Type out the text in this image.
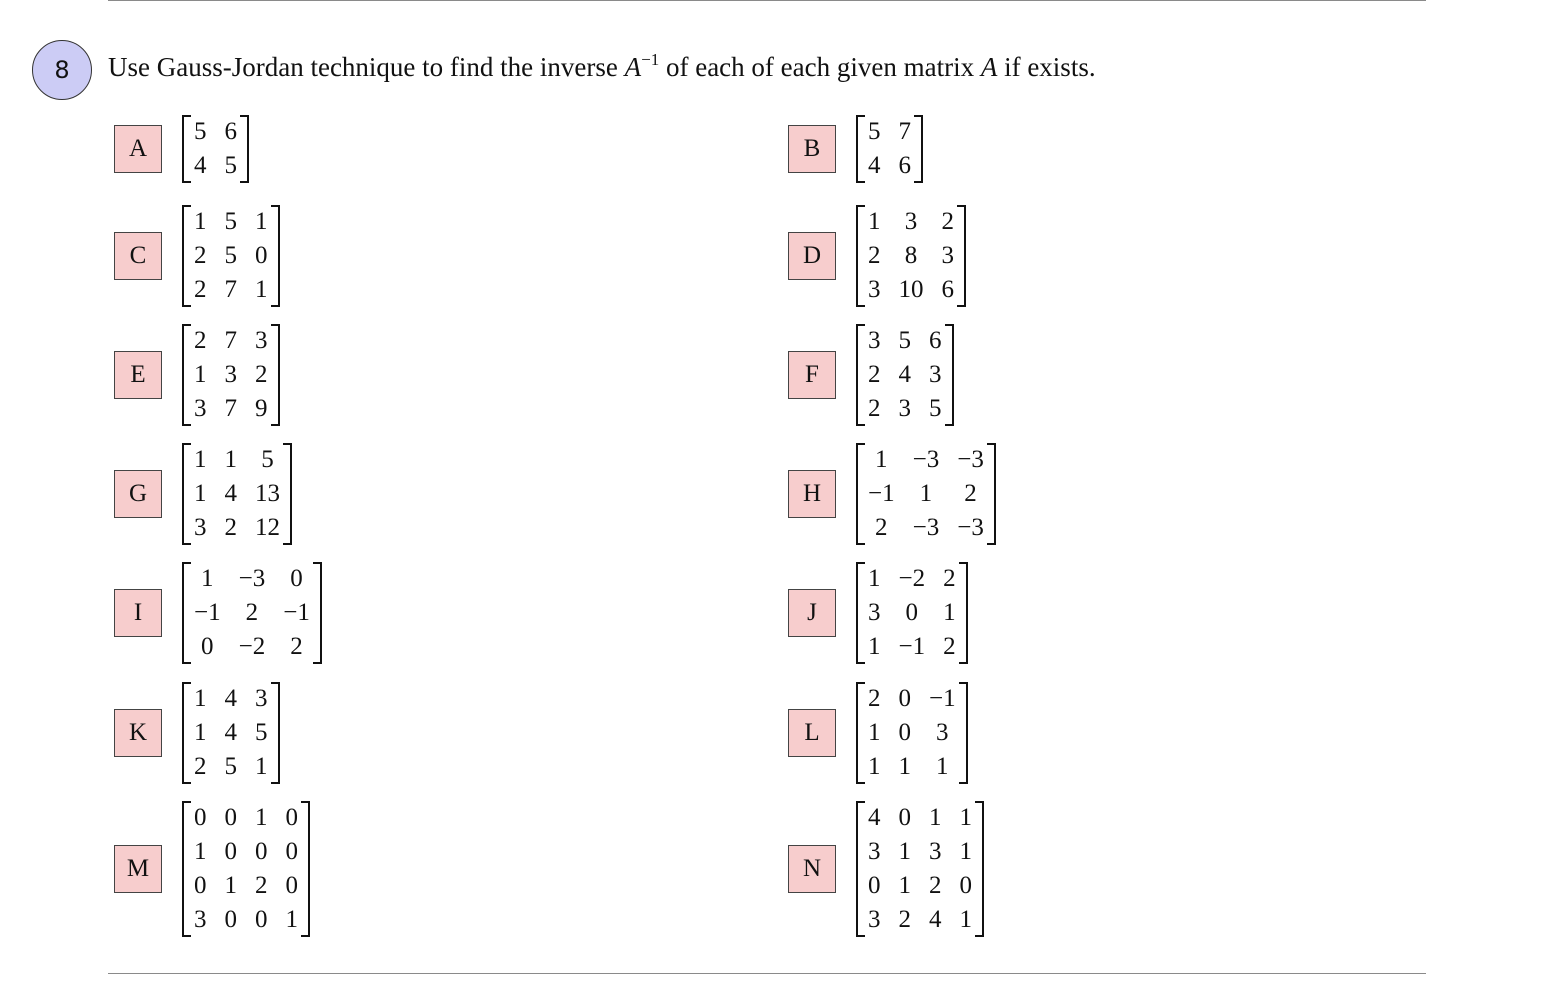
8 Use Gauss-Jordan technique to find the inverse $A^{-1}$ of each of each given matrix A if exists.
A
5	6
4	5
C
1	5	1
2	5	0
2	7	1
E
2	7	3
1	3	2
3	7	9
G
1	1	5
1	4	13
3	2	12
I
1	−3	0
−1	2	−1
0	−2	2
K
1	4	3
1	4	5
2	5	1
M
0	0	1	0
1	0	0	0
0	1	2	0
3	0	0	1
B
5	7
4	6
D
1	3	2
2	8	3
3	10	6
F
3	5	6
2	4	3
2	3	5
H
1	−3	−3
−1	1	2
2	−3	−3
J
1	−2	2
3	0	1
1	−1	2
L
2	0	−1
1	0	3
1	1	1
N
4	0	1	1
3	1	3	1
0	1	2	0
3	2	4	1
